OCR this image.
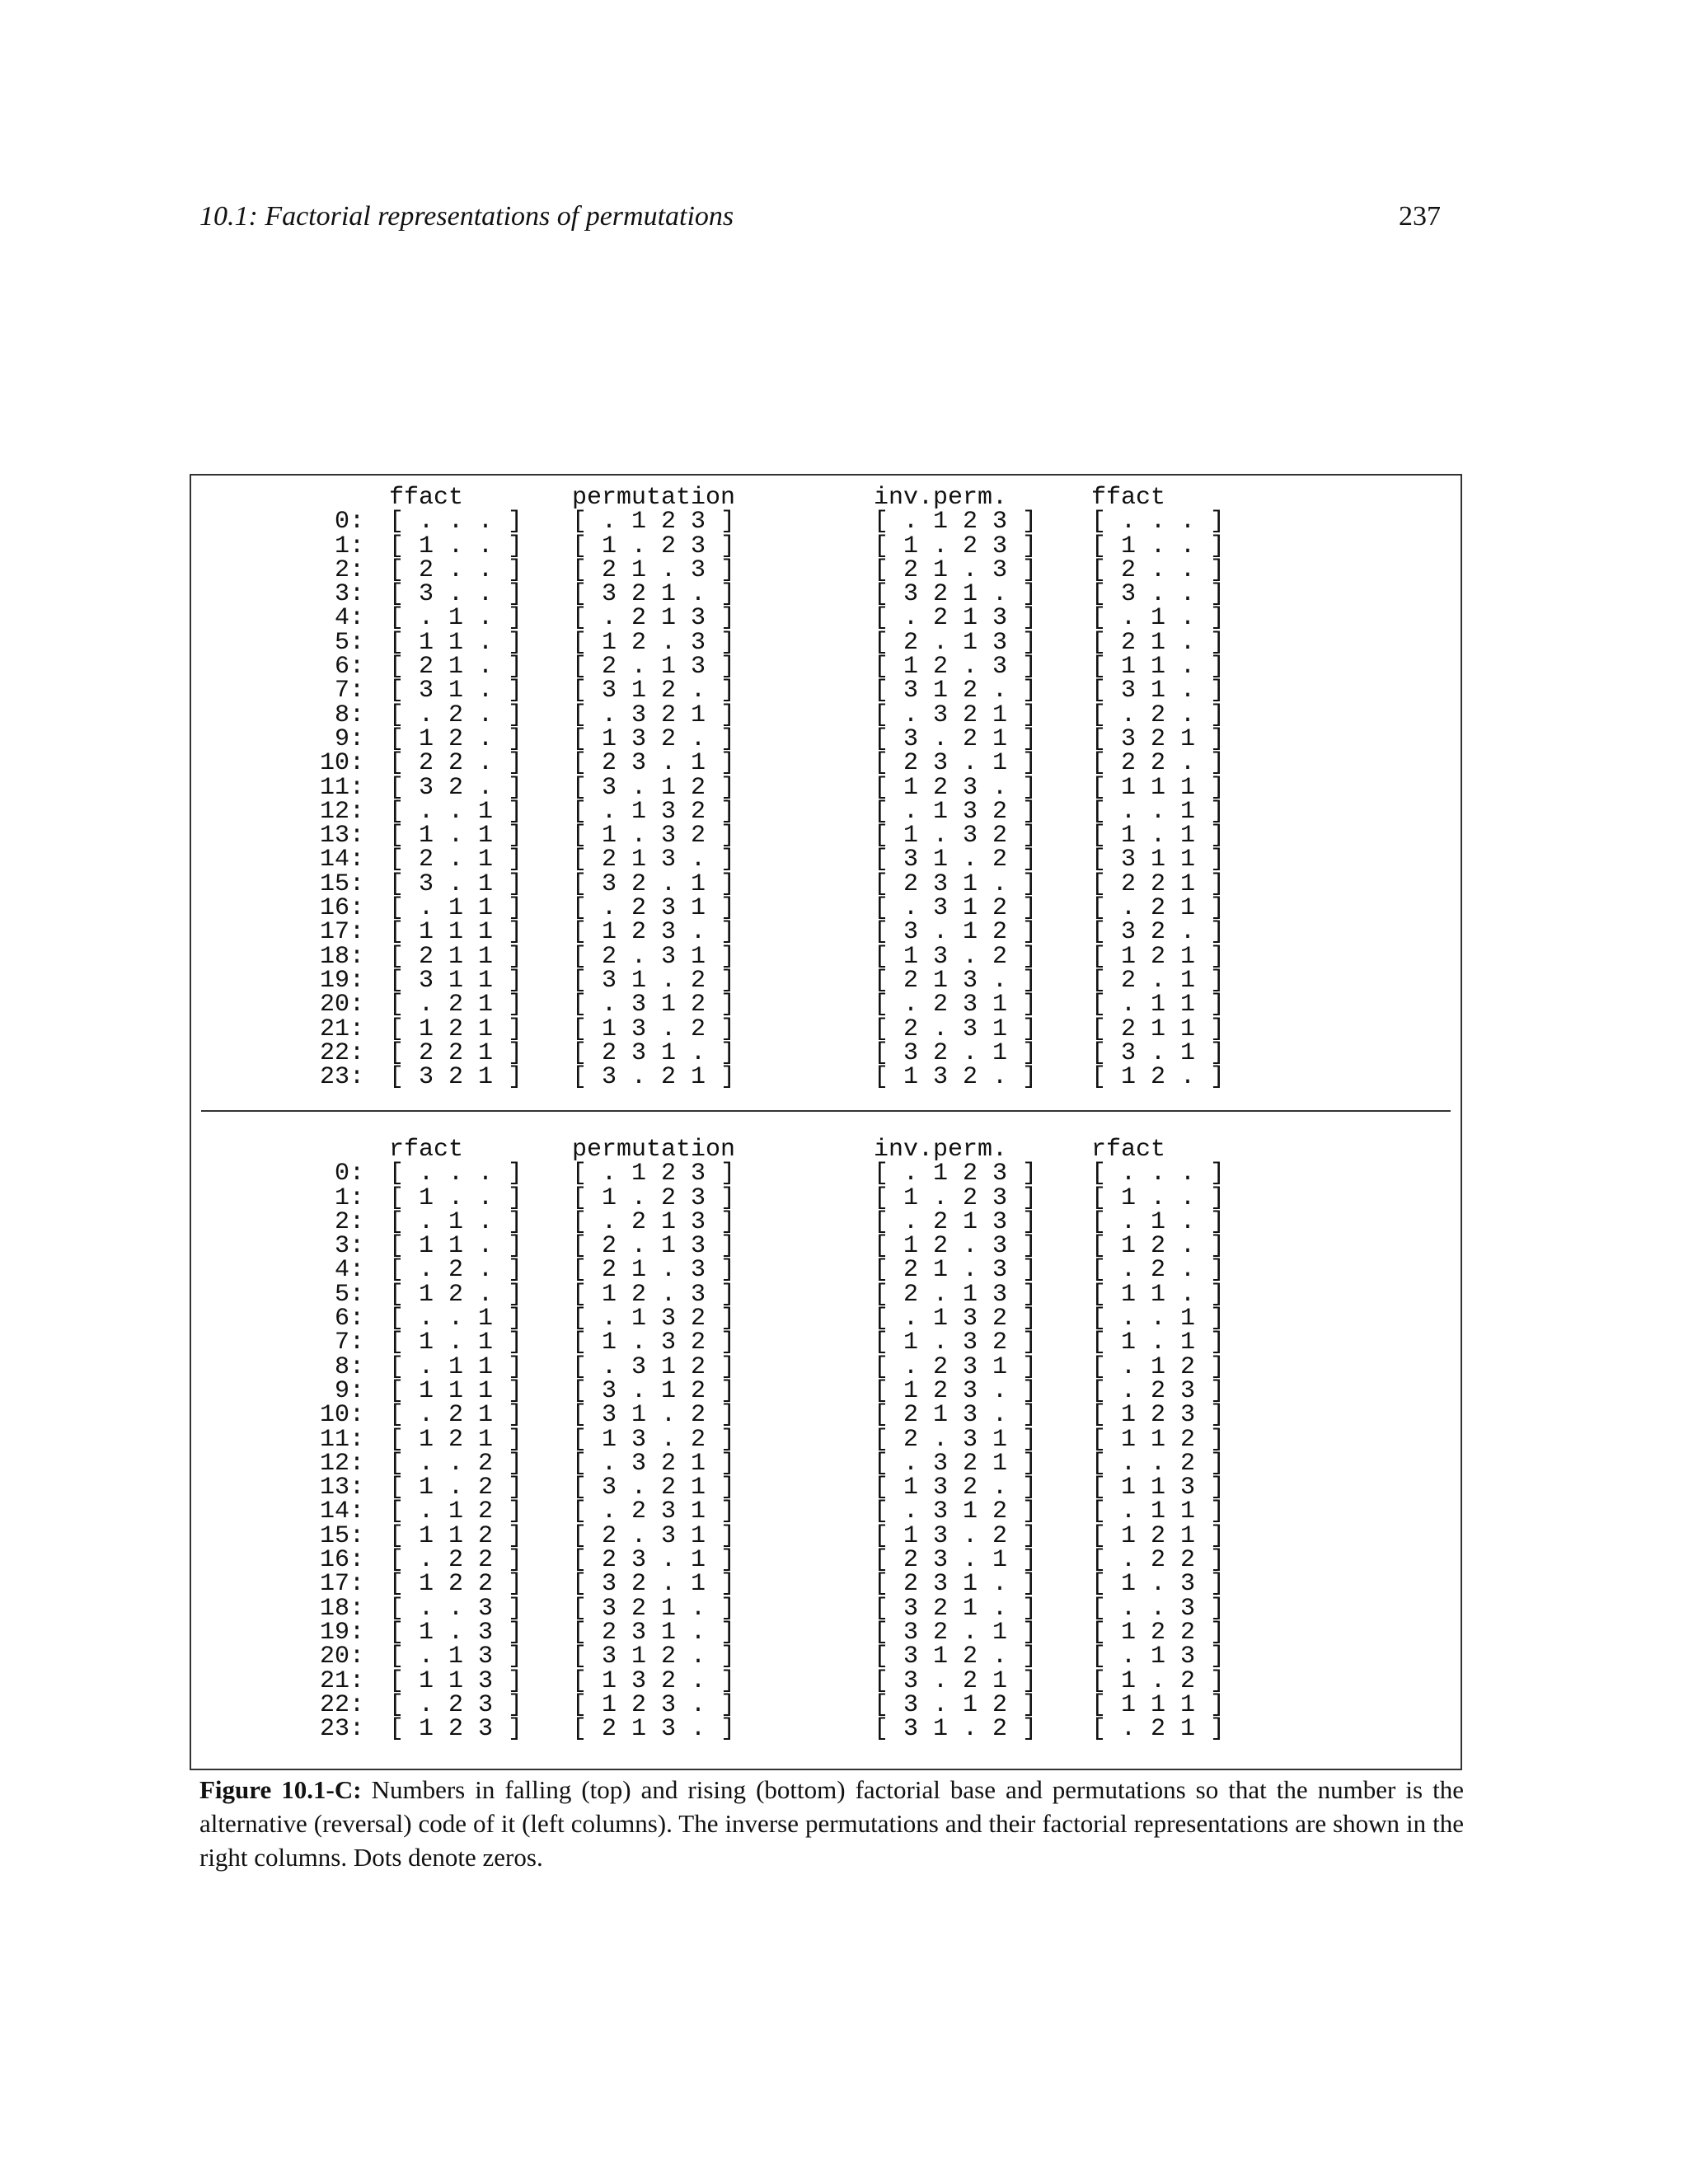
10.1: Factorial representations of permutations	237

0:
1:
2:
3:
4:
5:
6:
7:
8:
9:
10:
11:
12:
13:
14:
15:
16:
17:
18:
19:
20:
21:
22:
23:
ffact
[ . . . ]
[ 1 . . ]
[ 2 . . ]
[ 3 . . ]
[ . 1 . ]
[ 1 1 . ]
[ 2 1 . ]
[ 3 1 . ]
[ . 2 . ]
[ 1 2 . ]
[ 2 2 . ]
[ 3 2 . ]
[ . . 1 ]
[ 1 . 1 ]
[ 2 . 1 ]
[ 3 . 1 ]
[ . 1 1 ]
[ 1 1 1 ]
[ 2 1 1 ]
[ 3 1 1 ]
[ . 2 1 ]
[ 1 2 1 ]
[ 2 2 1 ]
[ 3 2 1 ]
permutation
[ . 1 2 3 ]
[ 1 . 2 3 ]
[ 2 1 . 3 ]
[ 3 2 1 . ]
[ . 2 1 3 ]
[ 1 2 . 3 ]
[ 2 . 1 3 ]
[ 3 1 2 . ]
[ . 3 2 1 ]
[ 1 3 2 . ]
[ 2 3 . 1 ]
[ 3 . 1 2 ]
[ . 1 3 2 ]
[ 1 . 3 2 ]
[ 2 1 3 . ]
[ 3 2 . 1 ]
[ . 2 3 1 ]
[ 1 2 3 . ]
[ 2 . 3 1 ]
[ 3 1 . 2 ]
[ . 3 1 2 ]
[ 1 3 . 2 ]
[ 2 3 1 . ]
[ 3 . 2 1 ]
inv.perm.
[ . 1 2 3 ]
[ 1 . 2 3 ]
[ 2 1 . 3 ]
[ 3 2 1 . ]
[ . 2 1 3 ]
[ 2 . 1 3 ]
[ 1 2 . 3 ]
[ 3 1 2 . ]
[ . 3 2 1 ]
[ 3 . 2 1 ]
[ 2 3 . 1 ]
[ 1 2 3 . ]
[ . 1 3 2 ]
[ 1 . 3 2 ]
[ 3 1 . 2 ]
[ 2 3 1 . ]
[ . 3 1 2 ]
[ 3 . 1 2 ]
[ 1 3 . 2 ]
[ 2 1 3 . ]
[ . 2 3 1 ]
[ 2 . 3 1 ]
[ 3 2 . 1 ]
[ 1 3 2 . ]
ffact
[ . . . ]
[ 1 . . ]
[ 2 . . ]
[ 3 . . ]
[ . 1 . ]
[ 2 1 . ]
[ 1 1 . ]
[ 3 1 . ]
[ . 2 . ]
[ 3 2 1 ]
[ 2 2 . ]
[ 1 1 1 ]
[ . . 1 ]
[ 1 . 1 ]
[ 3 1 1 ]
[ 2 2 1 ]
[ . 2 1 ]
[ 3 2 . ]
[ 1 2 1 ]
[ 2 . 1 ]
[ . 1 1 ]
[ 2 1 1 ]
[ 3 . 1 ]
[ 1 2 . ]

0:
1:
2:
3:
4:
5:
6:
7:
8:
9:
10:
11:
12:
13:
14:
15:
16:
17:
18:
19:
20:
21:
22:
23:
rfact
[ . . . ]
[ 1 . . ]
[ . 1 . ]
[ 1 1 . ]
[ . 2 . ]
[ 1 2 . ]
[ . . 1 ]
[ 1 . 1 ]
[ . 1 1 ]
[ 1 1 1 ]
[ . 2 1 ]
[ 1 2 1 ]
[ . . 2 ]
[ 1 . 2 ]
[ . 1 2 ]
[ 1 1 2 ]
[ . 2 2 ]
[ 1 2 2 ]
[ . . 3 ]
[ 1 . 3 ]
[ . 1 3 ]
[ 1 1 3 ]
[ . 2 3 ]
[ 1 2 3 ]
permutation
[ . 1 2 3 ]
[ 1 . 2 3 ]
[ . 2 1 3 ]
[ 2 . 1 3 ]
[ 2 1 . 3 ]
[ 1 2 . 3 ]
[ . 1 3 2 ]
[ 1 . 3 2 ]
[ . 3 1 2 ]
[ 3 . 1 2 ]
[ 3 1 . 2 ]
[ 1 3 . 2 ]
[ . 3 2 1 ]
[ 3 . 2 1 ]
[ . 2 3 1 ]
[ 2 . 3 1 ]
[ 2 3 . 1 ]
[ 3 2 . 1 ]
[ 3 2 1 . ]
[ 2 3 1 . ]
[ 3 1 2 . ]
[ 1 3 2 . ]
[ 1 2 3 . ]
[ 2 1 3 . ]
inv.perm.
[ . 1 2 3 ]
[ 1 . 2 3 ]
[ . 2 1 3 ]
[ 1 2 . 3 ]
[ 2 1 . 3 ]
[ 2 . 1 3 ]
[ . 1 3 2 ]
[ 1 . 3 2 ]
[ . 2 3 1 ]
[ 1 2 3 . ]
[ 2 1 3 . ]
[ 2 . 3 1 ]
[ . 3 2 1 ]
[ 1 3 2 . ]
[ . 3 1 2 ]
[ 1 3 . 2 ]
[ 2 3 . 1 ]
[ 2 3 1 . ]
[ 3 2 1 . ]
[ 3 2 . 1 ]
[ 3 1 2 . ]
[ 3 . 2 1 ]
[ 3 . 1 2 ]
[ 3 1 . 2 ]
rfact
[ . . . ]
[ 1 . . ]
[ . 1 . ]
[ 1 2 . ]
[ . 2 . ]
[ 1 1 . ]
[ . . 1 ]
[ 1 . 1 ]
[ . 1 2 ]
[ . 2 3 ]
[ 1 2 3 ]
[ 1 1 2 ]
[ . . 2 ]
[ 1 1 3 ]
[ . 1 1 ]
[ 1 2 1 ]
[ . 2 2 ]
[ 1 . 3 ]
[ . . 3 ]
[ 1 2 2 ]
[ . 1 3 ]
[ 1 . 2 ]
[ 1 1 1 ]
[ . 2 1 ]
Figure 10.1-C: Numbers in falling (top) and rising (bottom) factorial base and permutations so that the number is the alternative (reversal) code of it (left columns). The inverse permutations and their factorial representations are shown in the right columns. Dots denote zeros.
